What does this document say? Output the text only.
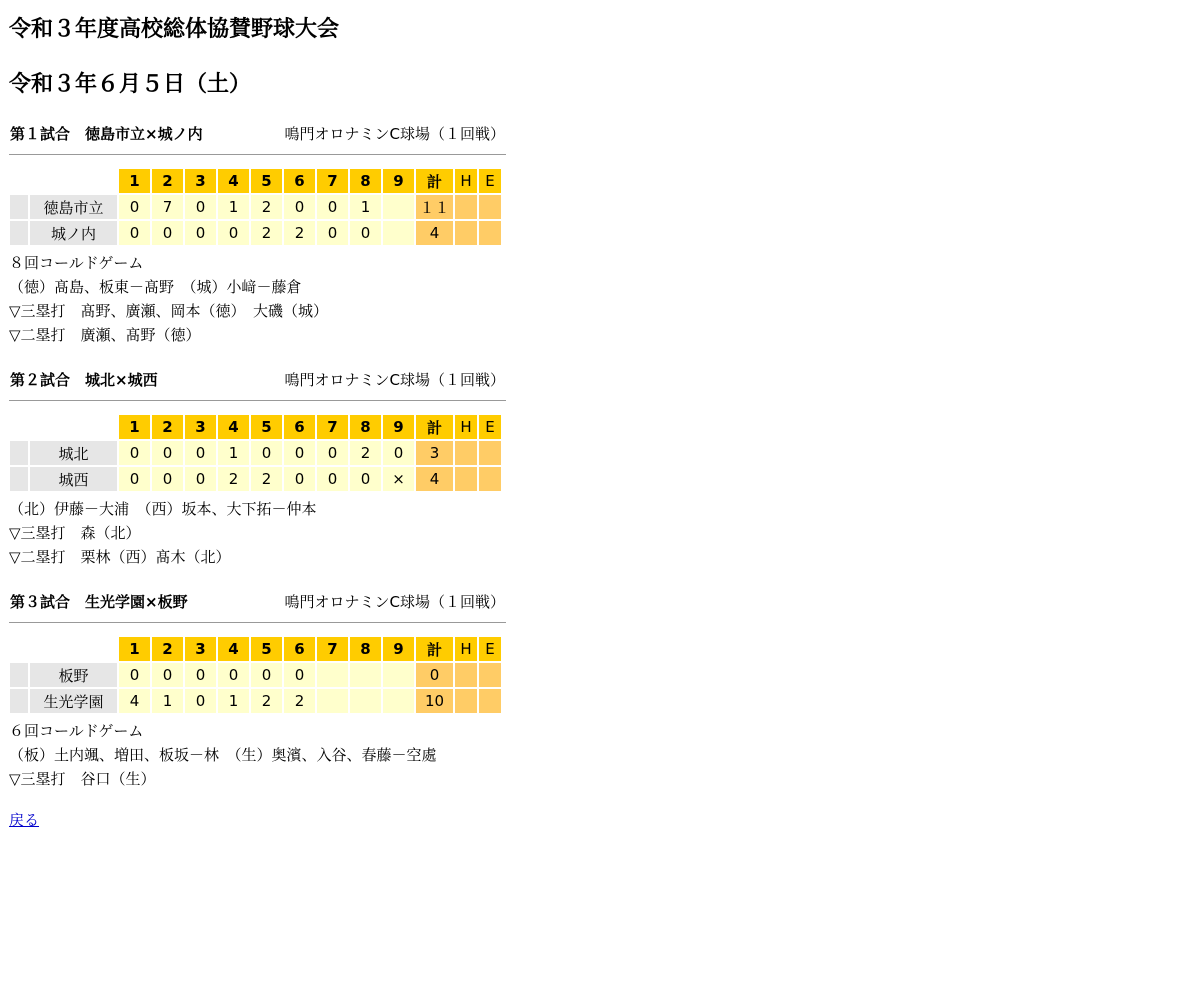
令和３年度高校総体協賛野球大会
令和３年６月５日（土）
第１試合　徳島市立×城ノ内	鳴門オロナミンC球場（１回戦）
		1	2	3	4	5	6	7	8	9	計	H	E
	徳島市立	0	7	0	1	2	0	0	1		１１		
	城ノ内	0	0	0	0	2	2	0	0		4		
８回コールドゲーム
（徳）髙島、板東－髙野　（城）小﨑－藤倉
▽三塁打　髙野、廣瀬、岡本（徳）　大磯（城）
▽二塁打　廣瀬、髙野（徳）
第２試合　城北×城西	鳴門オロナミンC球場（１回戦）
		1	2	3	4	5	6	7	8	9	計	H	E
	城北	0	0	0	1	0	0	0	2	0	3		
	城西	0	0	0	2	2	0	0	0	×	4		
（北）伊藤－大浦　（西）坂本、大下拓－仲本
▽三塁打　森（北）
▽二塁打　栗林（西）髙木（北）
第３試合　生光学園×板野	鳴門オロナミンC球場（１回戦）
		1	2	3	4	5	6	7	8	9	計	H	E
	板野	0	0	0	0	0	0				0		
	生光学園	4	1	0	1	2	2				10		
６回コールドゲーム
（板）土内颯、増田、板坂－林　（生）奥濱、入谷、春藤－空處
▽三塁打　谷口（生）
戻る
